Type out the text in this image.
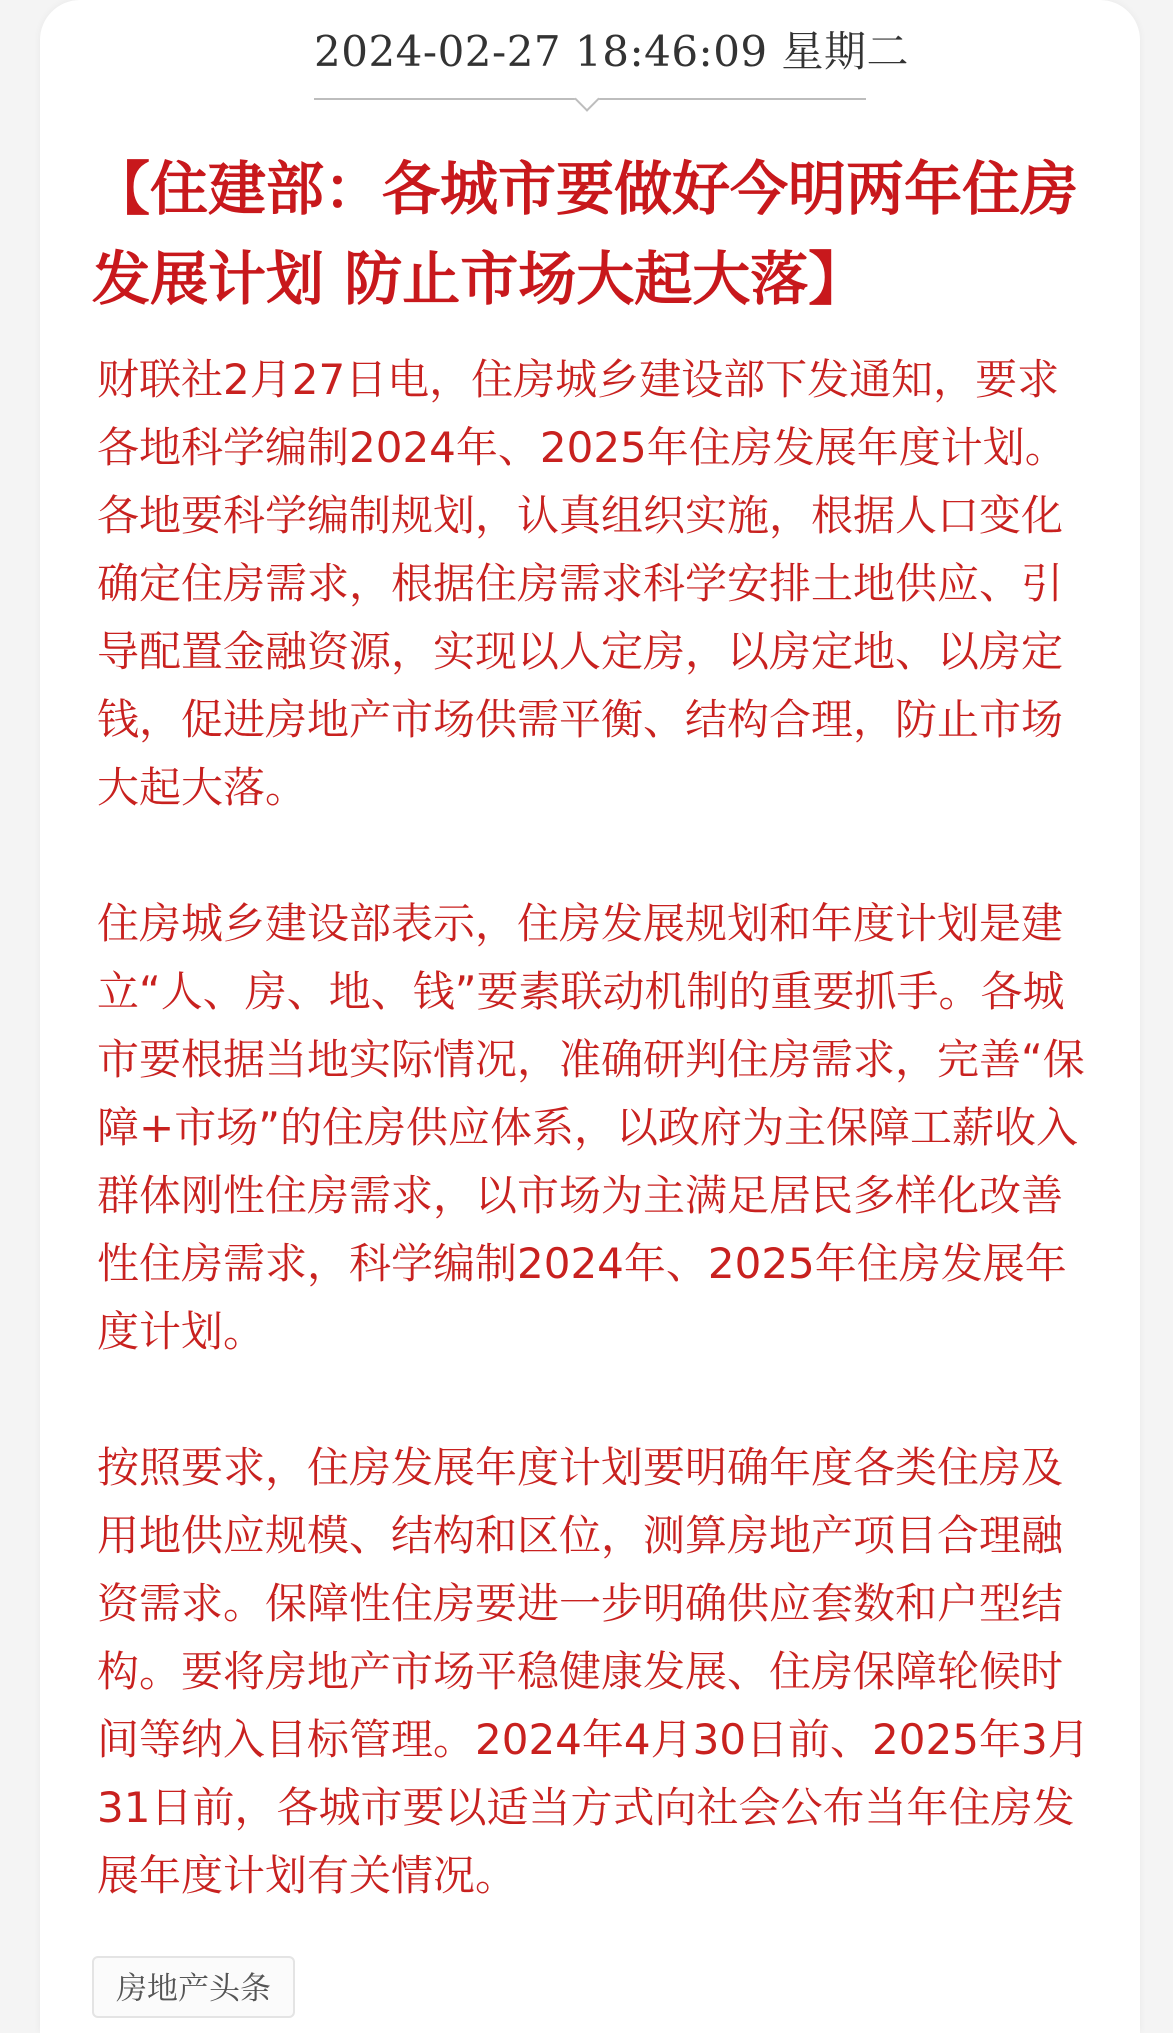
2024-02-27 18:46:09 星期二
【住建部：各城市要做好今明两年住房发展计划 防止市场大起大落】

财联社2月27日电，住房城乡建设部下发通知，要求各地科学编制2024年、2025年住房发展年度计划。各地要科学编制规划，认真组织实施，根据人口变化确定住房需求，根据住房需求科学安排土地供应、引导配置金融资源，实现以人定房，以房定地、以房定钱，促进房地产市场供需平衡、结构合理，防止市场大起大落。

住房城乡建设部表示，住房发展规划和年度计划是建立“人、房、地、钱”要素联动机制的重要抓手。各城市要根据当地实际情况，准确研判住房需求，完善“保障+市场”的住房供应体系，以政府为主保障工薪收入群体刚性住房需求，以市场为主满足居民多样化改善性住房需求，科学编制2024年、2025年住房发展年度计划。

按照要求，住房发展年度计划要明确年度各类住房及用地供应规模、结构和区位，测算房地产项目合理融资需求。保障性住房要进一步明确供应套数和户型结构。要将房地产市场平稳健康发展、住房保障轮候时间等纳入目标管理。2024年4月30日前、2025年3月31日前，各城市要以适当方式向社会公布当年住房发展年度计划有关情况。

房地产头条
